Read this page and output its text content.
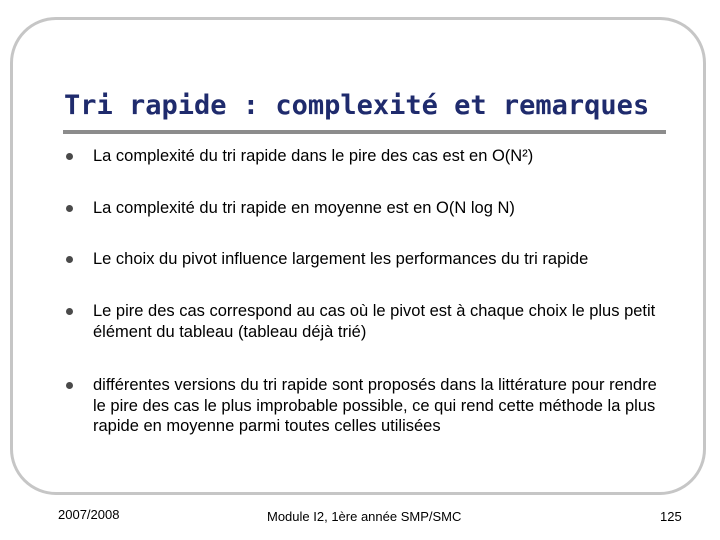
Tri rapide : complexité et remarques
La complexité du tri rapide dans le pire des cas est en O(N²)
La complexité du tri rapide en moyenne est en O(N log N)
Le choix du pivot influence largement les performances du tri rapide
Le pire des cas correspond au cas où le pivot est à chaque choix le plus petit
élément du tableau (tableau déjà trié)
différentes versions du tri rapide sont proposés dans la littérature pour rendre
le pire des cas le plus improbable possible, ce qui rend cette méthode la plus
rapide en moyenne parmi toutes celles utilisées
2007/2008	Module I2, 1ère année SMP/SMC	125
